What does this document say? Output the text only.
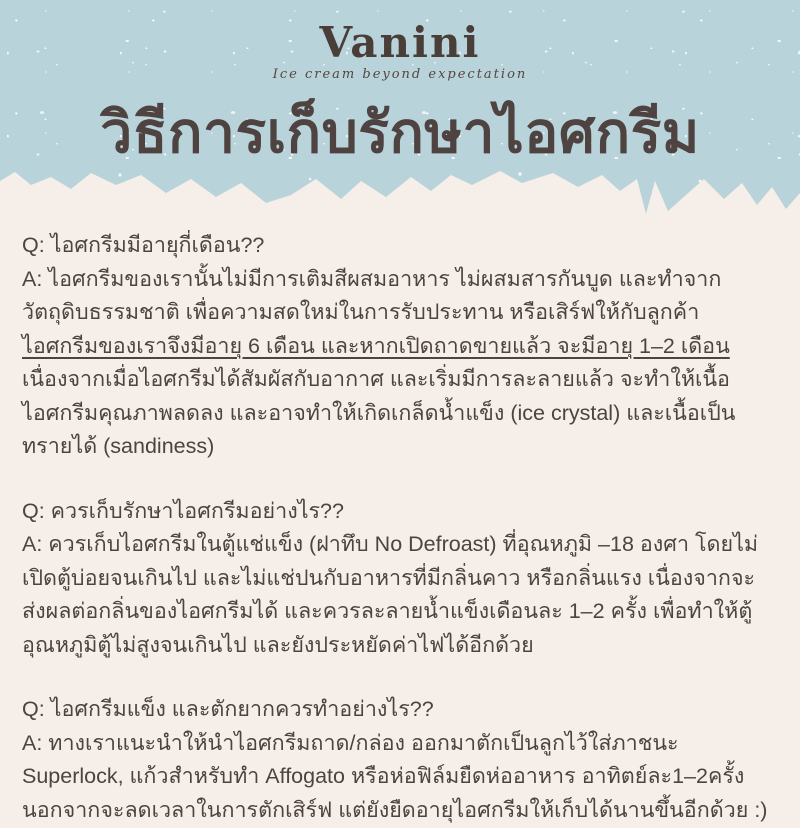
Vanini
Ice cream beyond expectation
วิธีการเก็บรักษาไอศกรีม
Q: ไอศกรีมมีอายุกี่เดือน??
A: ไอศกรีมของเรานั้นไม่มีการเติมสีผสมอาหาร ไม่ผสมสารกันบูด และทำจากวัตถุดิบธรรมชาติ เพื่อความสดใหม่ในการรับประทาน หรือเสิร์ฟให้กับลูกค้า ไอศกรีมของเราจึงมีอายุ 6 เดือน และหากเปิดถาดขายแล้ว จะมีอายุ 1–2 เดือน เนื่องจากเมื่อไอศกรีมได้สัมผัสกับอากาศ และเริ่มมีการละลายแล้ว จะทำให้เนื้อไอศกรีมคุณภาพลดลง และอาจทำให้เกิดเกล็ดน้ำแข็ง (ice crystal) และเนื้อเป็นทรายได้ (sandiness)
Q: ควรเก็บรักษาไอศกรีมอย่างไร??
A: ควรเก็บไอศกรีมในตู้แช่แข็ง (ฝาทึบ No Defroast) ที่อุณหภูมิ –18 องศา โดยไม่เปิดตู้บ่อยจนเกินไป และไม่แช่ปนกับอาหารที่มีกลิ่นคาว หรือกลิ่นแรง เนื่องจากจะส่งผลต่อกลิ่นของไอศกรีมได้ และควรละลายน้ำแข็งเดือนละ 1–2 ครั้ง เพื่อทำให้ตู้อุณหภูมิตู้ไม่สูงจนเกินไป และยังประหยัดค่าไฟได้อีกด้วย
Q: ไอศกรีมแข็ง และตักยากควรทำอย่างไร??
A: ทางเราแนะนำให้นำไอศกรีมถาด/กล่อง ออกมาตักเป็นลูกไว้ใส่ภาชนะ Superlock, แก้วสำหรับทำ Affogato หรือห่อฟิล์มยืดห่ออาหาร อาทิตย์ละ1–2ครั้ง นอกจากจะลดเวลาในการตักเสิร์ฟ แต่ยังยืดอายุไอศกรีมให้เก็บได้นานขึ้นอีกด้วย :)
